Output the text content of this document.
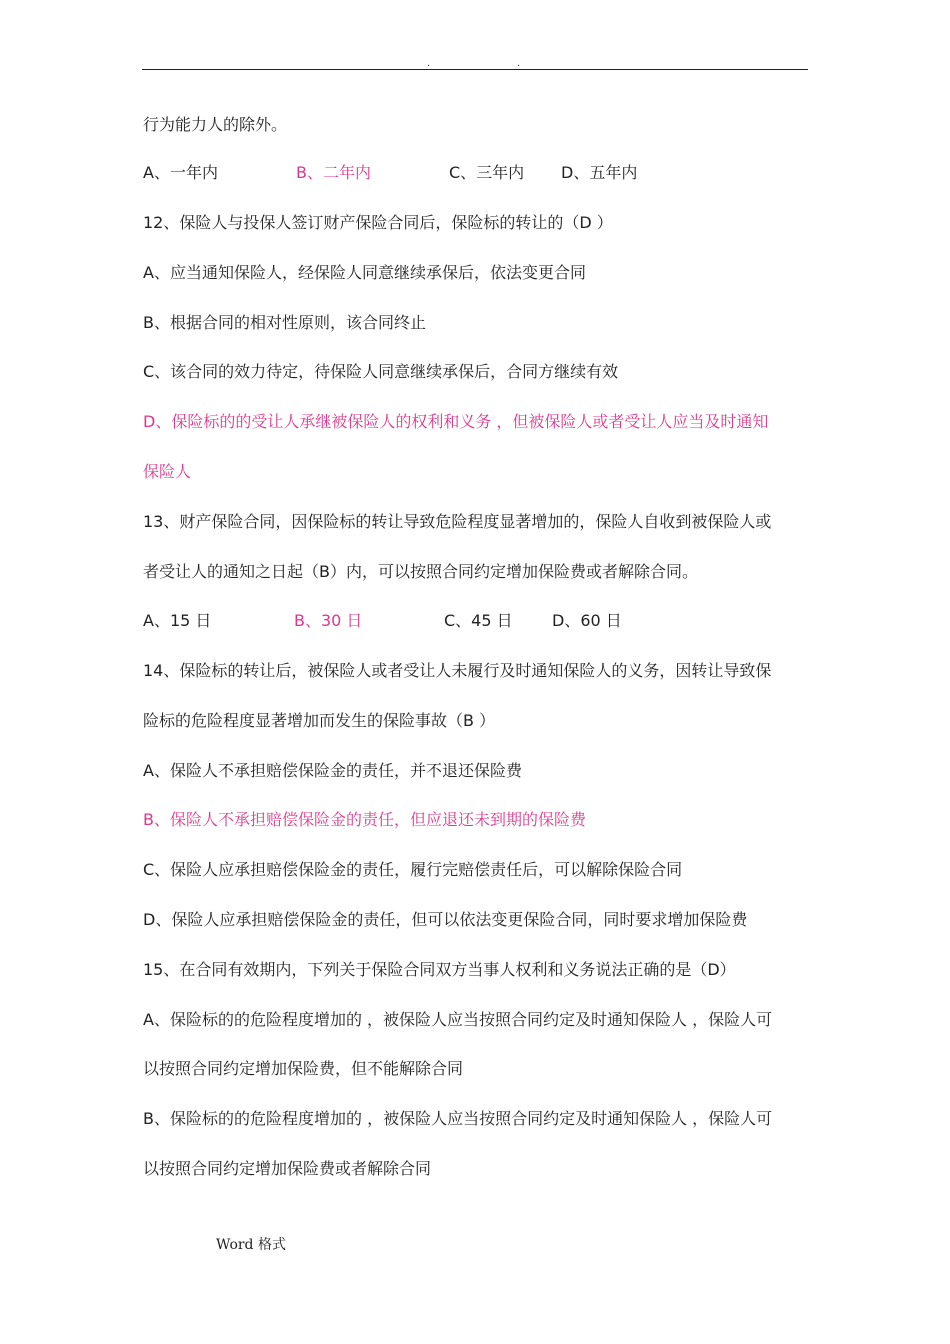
.	.
行为能力人的除外。
A、一年内	B、二年内	C、三年内 D、五年内
12、保险人与投保人签订财产保险合同后，保险标的转让的（D ）
A、应当通知保险人，经保险人同意继续承保后，依法变更合同
B、根据合同的相对性原则，该合同终止
C、该合同的效力待定，待保险人同意继续承保后，合同方继续有效
D、保险标的的受让人承继被保险人的权利和义务 ，但被保险人或者受让人应当及时通知
保险人
13、财产保险合同，因保险标的转让导致危险程度显著增加的，保险人自收到被保险人或
者受让人的通知之日起（B）内，可以按照合同约定增加保险费或者解除合同。
A、15 日	B、30 日	C、45 日 D、60 日
14、保险标的转让后，被保险人或者受让人未履行及时通知保险人的义务，因转让导致保
险标的危险程度显著增加而发生的保险事故（B ）
A、保险人不承担赔偿保险金的责任，并不退还保险费
B、保险人不承担赔偿保险金的责任，但应退还未到期的保险费
C、保险人应承担赔偿保险金的责任，履行完赔偿责任后，可以解除保险合同
D、保险人应承担赔偿保险金的责任，但可以依法变更保险合同，同时要求增加保险费
15、在合同有效期内，下列关于保险合同双方当事人权利和义务说法正确的是（D）
A、保险标的的危险程度增加的 ，被保险人应当按照合同约定及时通知保险人 ，保险人可
以按照合同约定增加保险费，但不能解除合同
B、保险标的的危险程度增加的 ，被保险人应当按照合同约定及时通知保险人 ，保险人可
以按照合同约定增加保险费或者解除合同
Word 格式
